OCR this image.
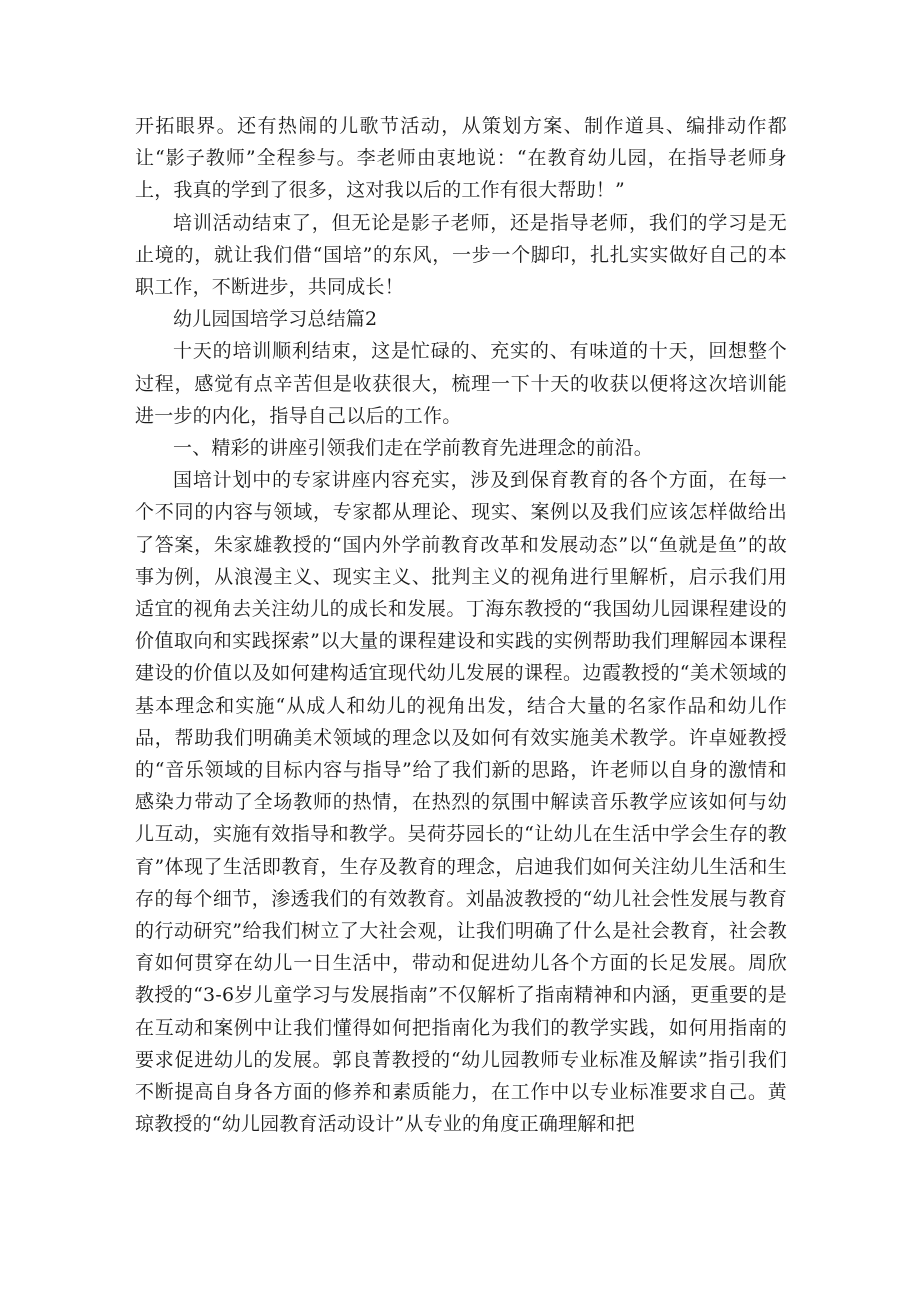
开拓眼界。还有热闹的儿歌节活动，从策划方案、制作道具、编排动作都让“影子教师”全程参与。李老师由衷地说：“在教育幼儿园，在指导老师身上，我真的学到了很多，这对我以后的工作有很大帮助！”

培训活动结束了，但无论是影子老师，还是指导老师，我们的学习是无止境的，就让我们借“国培”的东风，一步一个脚印，扎扎实实做好自己的本职工作，不断进步，共同成长！

幼儿园国培学习总结篇2

十天的培训顺利结束，这是忙碌的、充实的、有味道的十天，回想整个过程，感觉有点辛苦但是收获很大，梳理一下十天的收获以便将这次培训能进一步的内化，指导自己以后的工作。

一、精彩的讲座引领我们走在学前教育先进理念的前沿。

国培计划中的专家讲座内容充实，涉及到保育教育的各个方面，在每一个不同的内容与领域，专家都从理论、现实、案例以及我们应该怎样做给出了答案，朱家雄教授的“国内外学前教育改革和发展动态”以“鱼就是鱼”的故事为例，从浪漫主义、现实主义、批判主义的视角进行里解析，启示我们用适宜的视角去关注幼儿的成长和发展。丁海东教授的“我国幼儿园课程建设的价值取向和实践探索”以大量的课程建设和实践的实例帮助我们理解园本课程建设的价值以及如何建构适宜现代幼儿发展的课程。边霞教授的“美术领域的基本理念和实施“从成人和幼儿的视角出发，结合大量的名家作品和幼儿作品，帮助我们明确美术领域的理念以及如何有效实施美术教学。许卓娅教授的“音乐领域的目标内容与指导”给了我们新的思路，许老师以自身的激情和感染力带动了全场教师的热情，在热烈的氛围中解读音乐教学应该如何与幼儿互动，实施有效指导和教学。吴荷芬园长的“让幼儿在生活中学会生存的教育”体现了生活即教育，生存及教育的理念，启迪我们如何关注幼儿生活和生存的每个细节，渗透我们的有效教育。刘晶波教授的“幼儿社会性发展与教育的行动研究”给我们树立了大社会观，让我们明确了什么是社会教育，社会教育如何贯穿在幼儿一日生活中，带动和促进幼儿各个方面的长足发展。周欣教授的“3-6岁儿童学习与发展指南”不仅解析了指南精神和内涵，更重要的是在互动和案例中让我们懂得如何把指南化为我们的教学实践，如何用指南的要求促进幼儿的发展。郭良菁教授的“幼儿园教师专业标准及解读”指引我们不断提高自身各方面的修养和素质能力，在工作中以专业标准要求自己。黄琼教授的“幼儿园教育活动设计”从专业的角度正确理解和把
